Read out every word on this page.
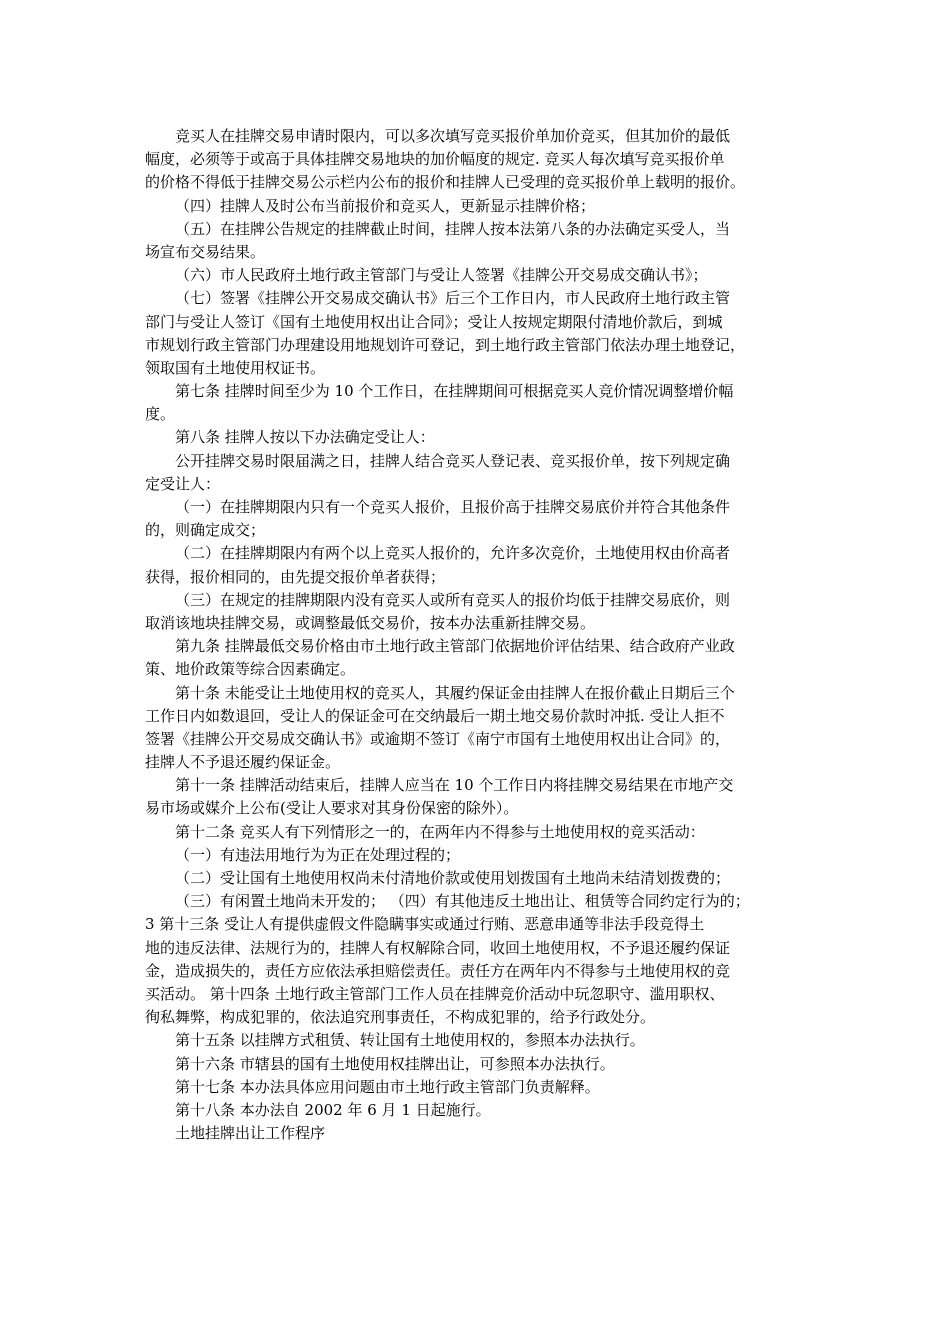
竞买人在挂牌交易申请时限内，可以多次填写竞买报价单加价竞买，但其加价的最低
幅度，必须等于或高于具体挂牌交易地块的加价幅度的规定. 竞买人每次填写竞买报价单
的价格不得低于挂牌交易公示栏内公布的报价和挂牌人已受理的竞买报价单上载明的报价。
（四）挂牌人及时公布当前报价和竞买人，更新显示挂牌价格；
（五）在挂牌公告规定的挂牌截止时间，挂牌人按本法第八条的办法确定买受人，当
场宣布交易结果。
（六）市人民政府土地行政主管部门与受让人签署《挂牌公开交易成交确认书》；
（七）签署《挂牌公开交易成交确认书》后三个工作日内，市人民政府土地行政主管
部门与受让人签订《国有土地使用权出让合同》；受让人按规定期限付清地价款后，到城
市规划行政主管部门办理建设用地规划许可登记，到土地行政主管部门依法办理土地登记，
领取国有土地使用权证书。
第七条 挂牌时间至少为 10 个工作日，在挂牌期间可根据竞买人竞价情况调整增价幅
度。
第八条 挂牌人按以下办法确定受让人：
公开挂牌交易时限届满之日，挂牌人结合竞买人登记表、竞买报价单，按下列规定确
定受让人：
（一）在挂牌期限内只有一个竞买人报价，且报价高于挂牌交易底价并符合其他条件
的，则确定成交；
（二）在挂牌期限内有两个以上竞买人报价的，允许多次竞价，土地使用权由价高者
获得，报价相同的，由先提交报价单者获得；
（三）在规定的挂牌期限内没有竞买人或所有竞买人的报价均低于挂牌交易底价，则
取消该地块挂牌交易，或调整最低交易价，按本办法重新挂牌交易。
第九条 挂牌最低交易价格由市土地行政主管部门依据地价评估结果、结合政府产业政
策、地价政策等综合因素确定。
第十条 未能受让土地使用权的竞买人，其履约保证金由挂牌人在报价截止日期后三个
工作日内如数退回，受让人的保证金可在交纳最后一期土地交易价款时冲抵. 受让人拒不
签署《挂牌公开交易成交确认书》或逾期不签订《南宁市国有土地使用权出让合同》的，
挂牌人不予退还履约保证金。
第十一条 挂牌活动结束后，挂牌人应当在 10 个工作日内将挂牌交易结果在市地产交
易市场或媒介上公布(受让人要求对其身份保密的除外）。
第十二条 竞买人有下列情形之一的，在两年内不得参与土地使用权的竞买活动：
（一）有违法用地行为为正在处理过程的；
（二）受让国有土地使用权尚未付清地价款或使用划拨国有土地尚未结清划拨费的；
（三）有闲置土地尚未开发的； （四）有其他违反土地出让、租赁等合同约定行为的；
3 第十三条 受让人有提供虚假文件隐瞒事实或通过行贿、恶意串通等非法手段竞得土
地的违反法律、法规行为的，挂牌人有权解除合同，收回土地使用权，不予退还履约保证
金，造成损失的，责任方应依法承担赔偿责任。责任方在两年内不得参与土地使用权的竞
买活动。 第十四条 土地行政主管部门工作人员在挂牌竞价活动中玩忽职守、滥用职权、
徇私舞弊，构成犯罪的，依法追究刑事责任，不构成犯罪的，给予行政处分。
第十五条 以挂牌方式租赁、转让国有土地使用权的，参照本办法执行。
第十六条 市辖县的国有土地使用权挂牌出让，可参照本办法执行。
第十七条 本办法具体应用问题由市土地行政主管部门负责解释。
第十八条 本办法自 2002 年 6 月 1 日起施行。
土地挂牌出让工作程序
